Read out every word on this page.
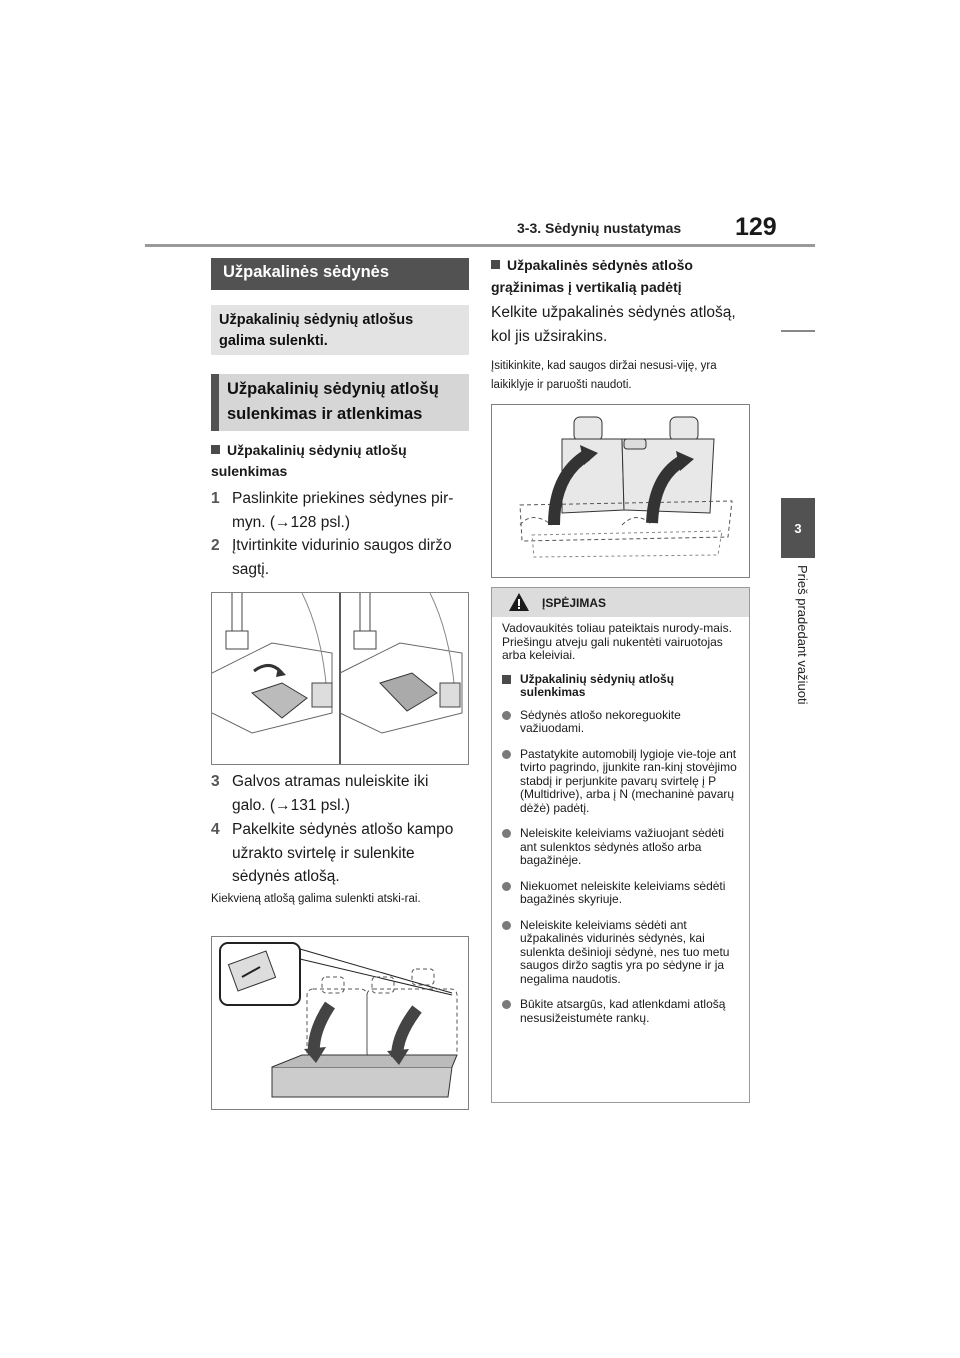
3-3. Sėdynių nustatymas 129
3
Prieš pradedant važiuoti
Užpakalinės sėdynės
Užpakalinių sėdynių atlošus galima sulenkti.
Užpakalinių sėdynių atlošų sulenkimas ir atlenkimas
Užpakalinių sėdynių atlošų sulenkimas
1 Paslinkite priekines sėdynes pir-myn. (→128 psl.)
2 Įtvirtinkite vidurinio saugos diržo sagtį.
3 Galvos atramas nuleiskite iki galo. (→131 psl.)
4 Pakelkite sėdynės atlošo kampo užrakto svirtelę ir sulenkite sėdynės atlošą.
Kiekvieną atlošą galima sulenkti atski-rai.
Užpakalinės sėdynės atlošo grąžinimas į vertikalią padėtį
Kelkite užpakalinės sėdynės atlošą, kol jis užsirakins.
Įsitikinkite, kad saugos diržai nesusi-viję, yra laikiklyje ir paruošti naudoti.
ĮSPĖJIMAS

Vadovaukitės toliau pateiktais nurody-mais. Priešingu atveju gali nukentėti vairuotojas arba keleiviai.

Užpakalinių sėdynių atlošų sulenkimas
Sėdynės atlošo nekoreguokite važiuodami.
Pastatykite automobilį lygioje vie-toje ant tvirto pagrindo, įjunkite ran-kinį stovėjimo stabdį ir perjunkite pavarų svirtelę į P (Multidrive), arba į N (mechaninė pavarų dėžė) padėtį.
Neleiskite keleiviams važiuojant sėdėti ant sulenktos sėdynės atlošo arba bagažinėje.
Niekuomet neleiskite keleiviams sėdėti bagažinės skyriuje.
Neleiskite keleiviams sėdėti ant užpakalinės vidurinės sėdynės, kai sulenkta dešinioji sėdynė, nes tuo metu saugos diržo sagtis yra po sėdyne ir ja negalima naudotis.
Būkite atsargūs, kad atlenkdami atlošą nesusižeistumėte rankų.
